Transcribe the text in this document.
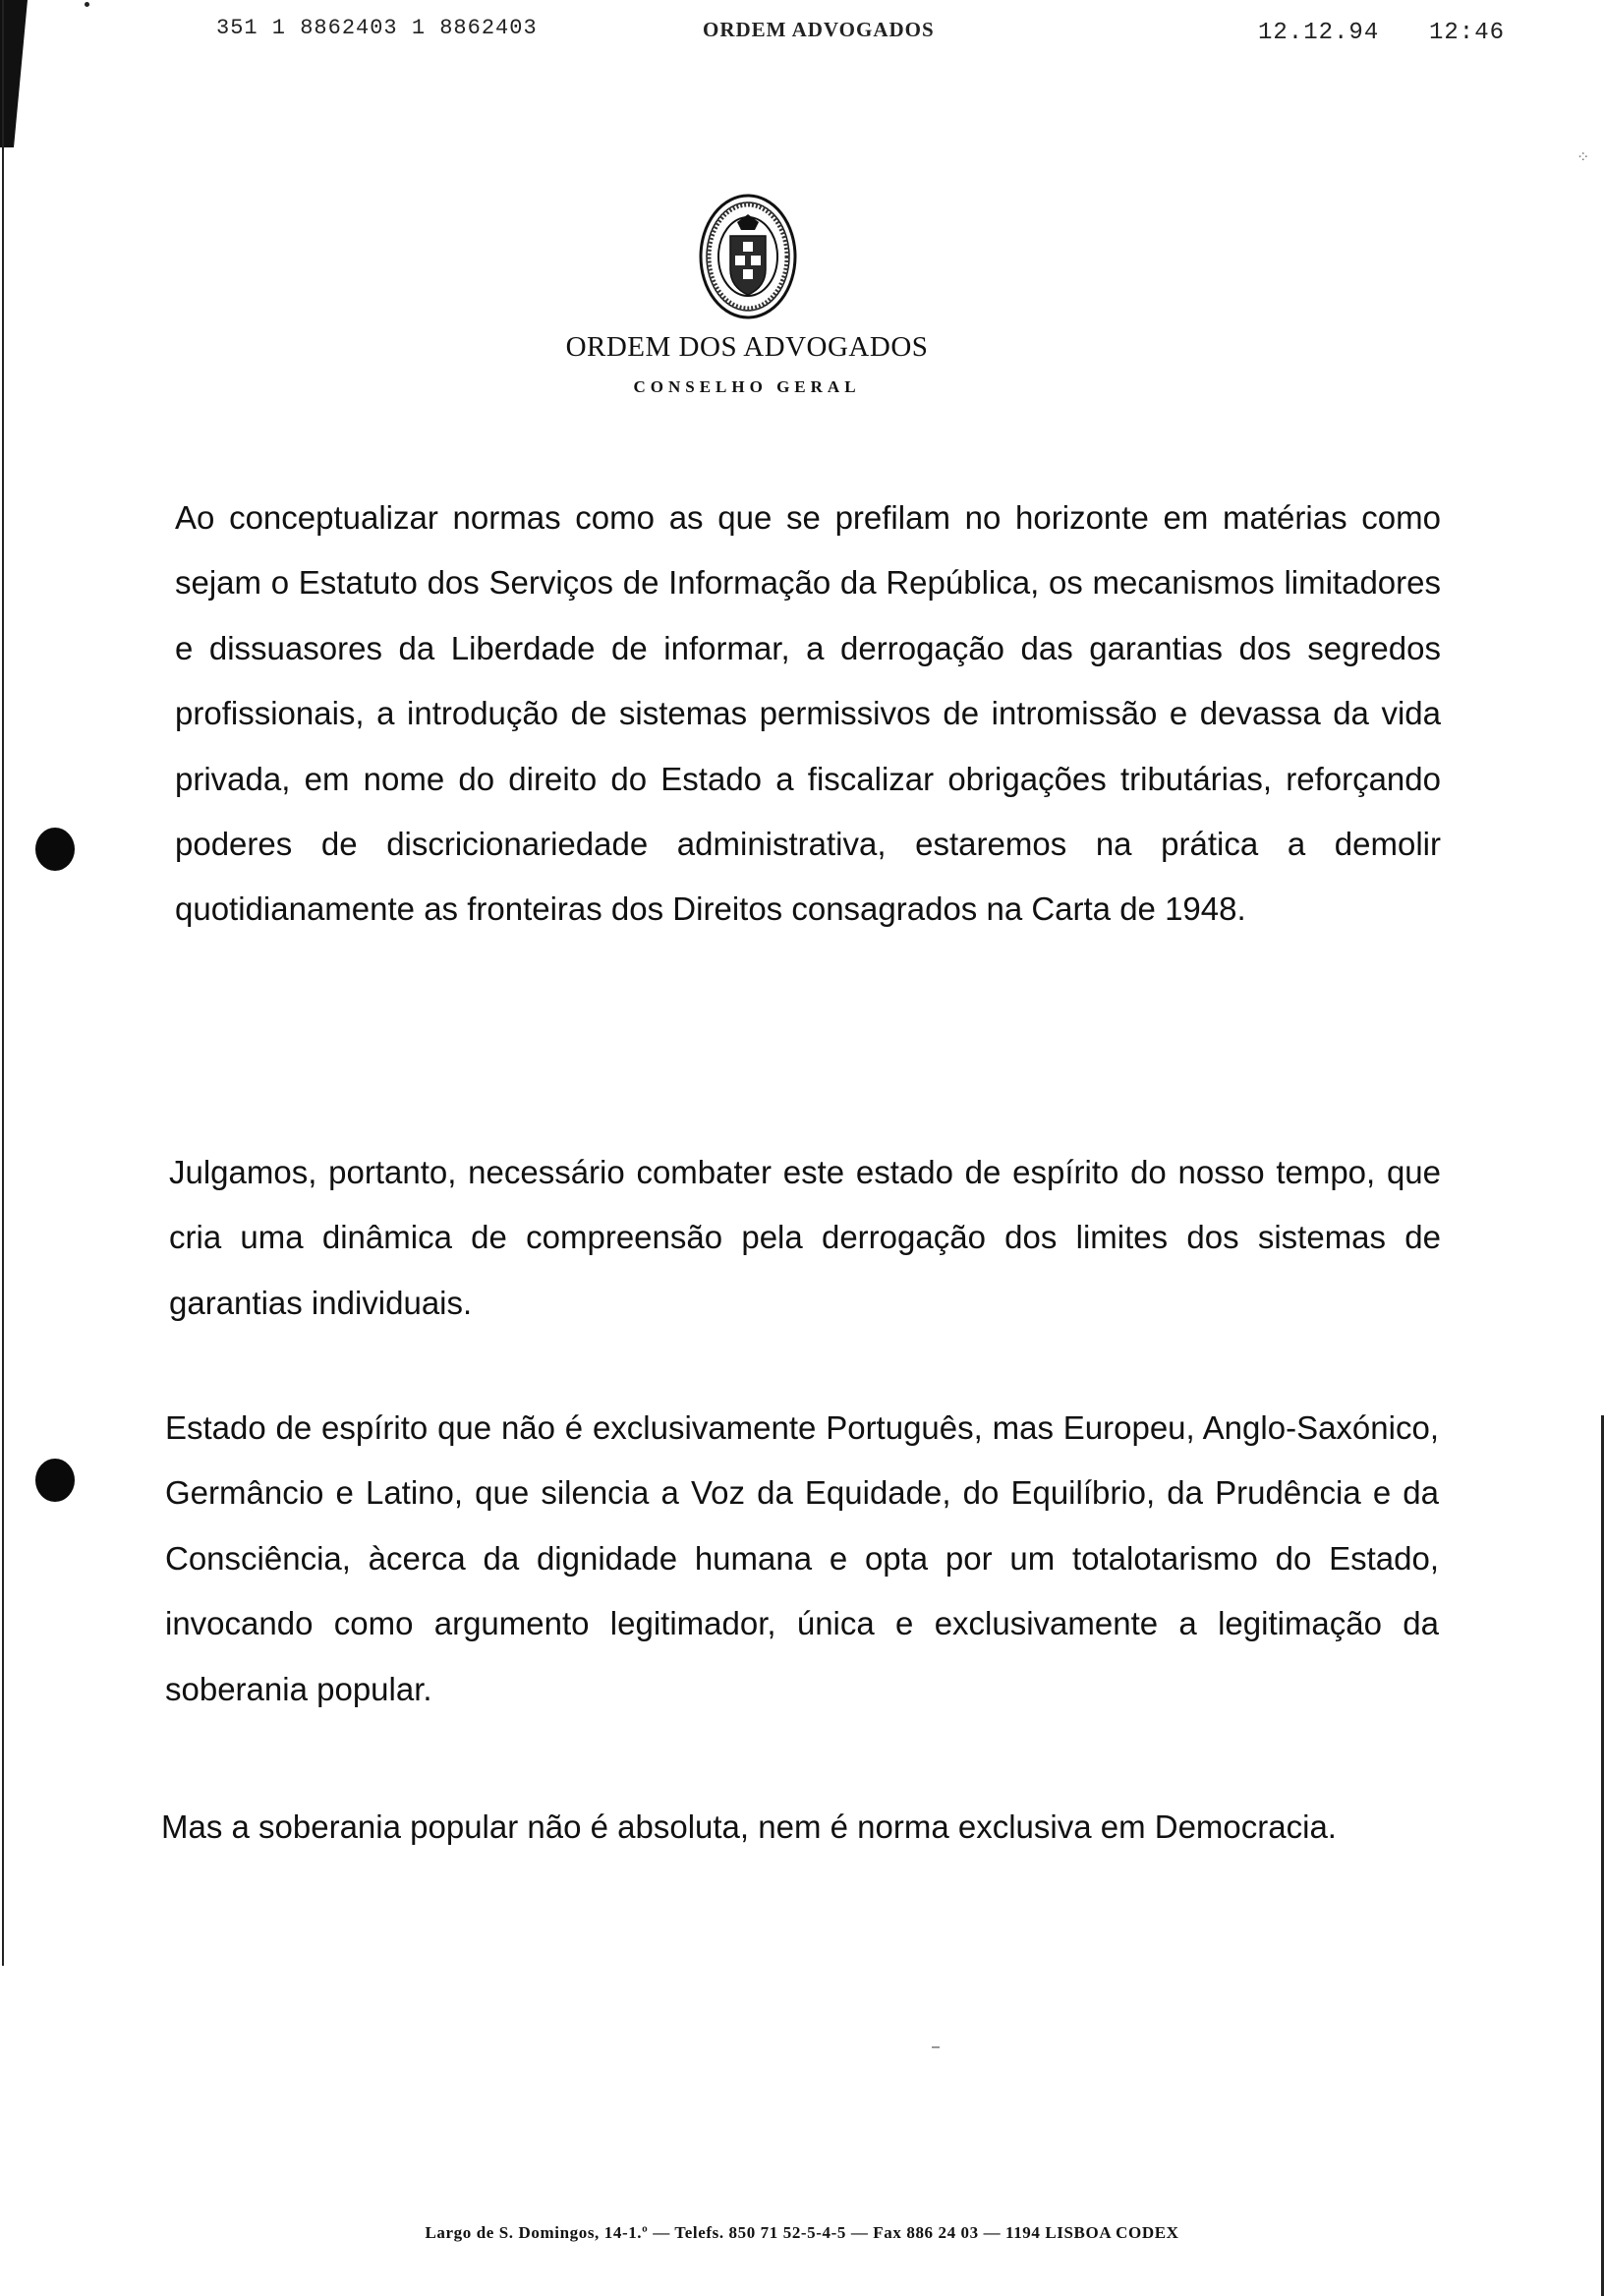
351 1 8862403 1 8862403	ORDEM ADVOGADOS	12.12.94 12:46
⁘
ORDEM DOS ADVOGADOS
CONSELHO GERAL

Ao conceptualizar normas como as que se prefilam no horizonte em matérias como sejam o Estatuto dos Serviços de Informação da República, os mecanismos limitadores e dissuasores da Liberdade de informar, a derrogação das garantias dos segredos profissionais, a introdução de sistemas permissivos de intromissão e devassa da vida privada, em nome do direito do Estado a fiscalizar obrigações tributárias, reforçando poderes de discricionariedade administrativa, estaremos na prática a demolir quotidianamente as fronteiras dos Direitos consagrados na Carta de 1948.

Julgamos, portanto, necessário combater este estado de espírito do nosso tempo, que cria uma dinâmica de compreensão pela derrogação dos limites dos sistemas de garantias individuais.

Estado de espírito que não é exclusivamente Português, mas Europeu, Anglo-Saxónico, Germâncio e Latino, que silencia a Voz da Equidade, do Equilíbrio, da Prudência e da Consciência, àcerca da dignidade humana e opta por um totalotarismo do Estado, invocando como argumento legitimador, única e exclusivamente a legitimação da soberania popular.

Mas a soberania popular não é absoluta, nem é norma exclusiva em Democracia.

Largo de S. Domingos, 14-1.º — Telefs. 850 71 52-5-4-5 — Fax 886 24 03 — 1194 LISBOA CODEX
